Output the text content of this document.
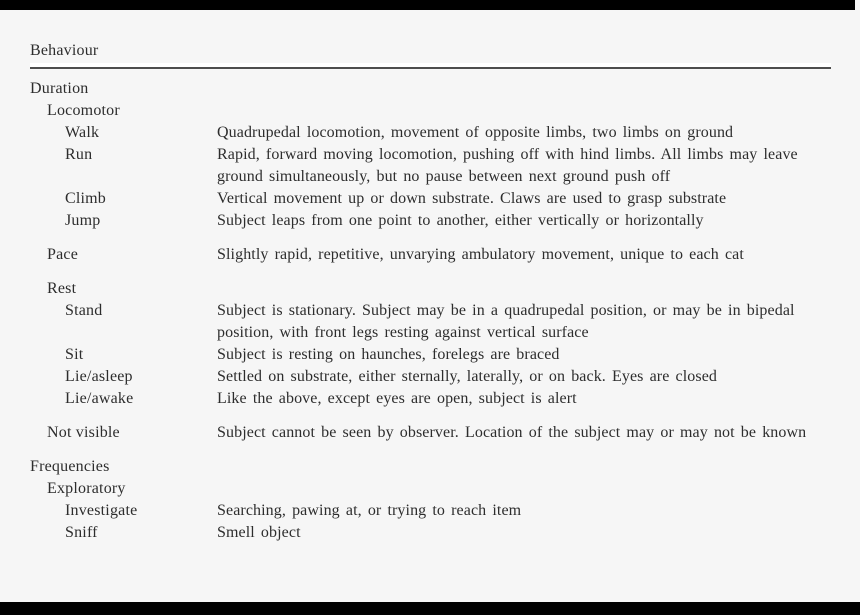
Behaviour
Duration
Locomotor
Walk	Quadrupedal locomotion, movement of opposite limbs, two limbs on ground
Run	Rapid, forward moving locomotion, pushing off with hind limbs. All limbs may leave ground simultaneously, but no pause between next ground push off
Climb	Vertical movement up or down substrate. Claws are used to grasp substrate
Jump	Subject leaps from one point to another, either vertically or horizontally
Pace	Slightly rapid, repetitive, unvarying ambulatory movement, unique to each cat
Rest
Stand	Subject is stationary. Subject may be in a quadrupedal position, or may be in bipedal position, with front legs resting against vertical surface
Sit	Subject is resting on haunches, forelegs are braced
Lie/asleep	Settled on substrate, either sternally, laterally, or on back. Eyes are closed
Lie/awake	Like the above, except eyes are open, subject is alert
Not visible	Subject cannot be seen by observer. Location of the subject may or may not be known
Frequencies
Exploratory
Investigate	Searching, pawing at, or trying to reach item
Sniff	Smell object
